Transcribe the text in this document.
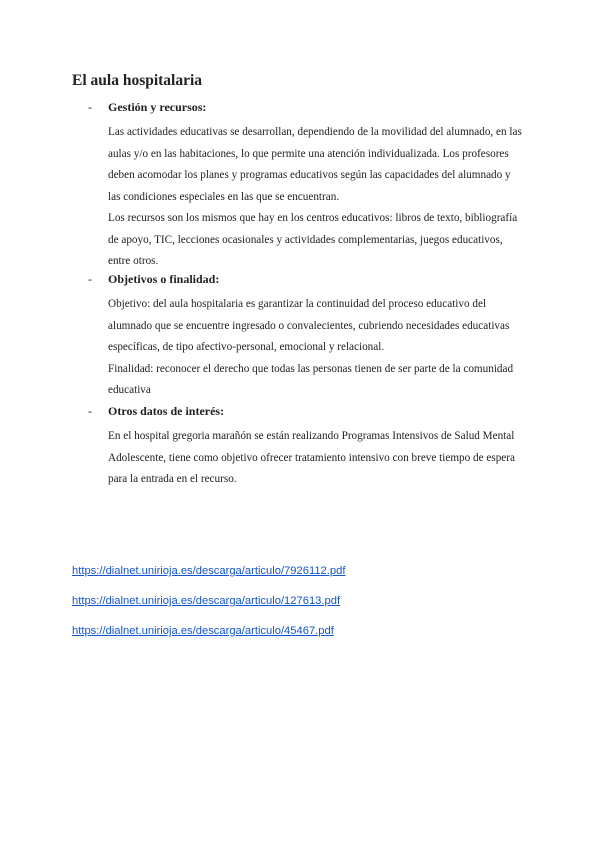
El aula hospitalaria
-	Gestión y recursos:

Las actividades educativas se desarrollan, dependiendo de la movilidad del alumnado, en las aulas y/o en las habitaciones, lo que permite una atención individualizada. Los profesores deben acomodar los planes y programas educativos según las capacidades del alumnado y las condiciones especiales en las que se encuentran.

Los recursos son los mismos que hay en los centros educativos: libros de texto, bibliografía de apoyo, TIC, lecciones ocasionales y actividades complementarias, juegos educativos, entre otros.

-	Objetivos o finalidad:

Objetivo: del aula hospitalaria es garantizar la continuidad del proceso educativo del alumnado que se encuentre ingresado o convalecientes, cubriendo necesidades educativas específicas, de tipo afectivo-personal, emocional y relacional.

Finalidad: reconocer el derecho que todas las personas tienen de ser parte de la comunidad educativa

-	Otros datos de interés:

En el hospital gregoria marañón se están realizando Programas Intensivos de Salud Mental Adolescente, tiene como objetivo ofrecer tratamiento intensivo con breve tiempo de espera para la entrada en el recurso.

https://dialnet.unirioja.es/descarga/articulo/7926112.pdf
https://dialnet.unirioja.es/descarga/articulo/127613.pdf
https://dialnet.unirioja.es/descarga/articulo/45467.pdf
